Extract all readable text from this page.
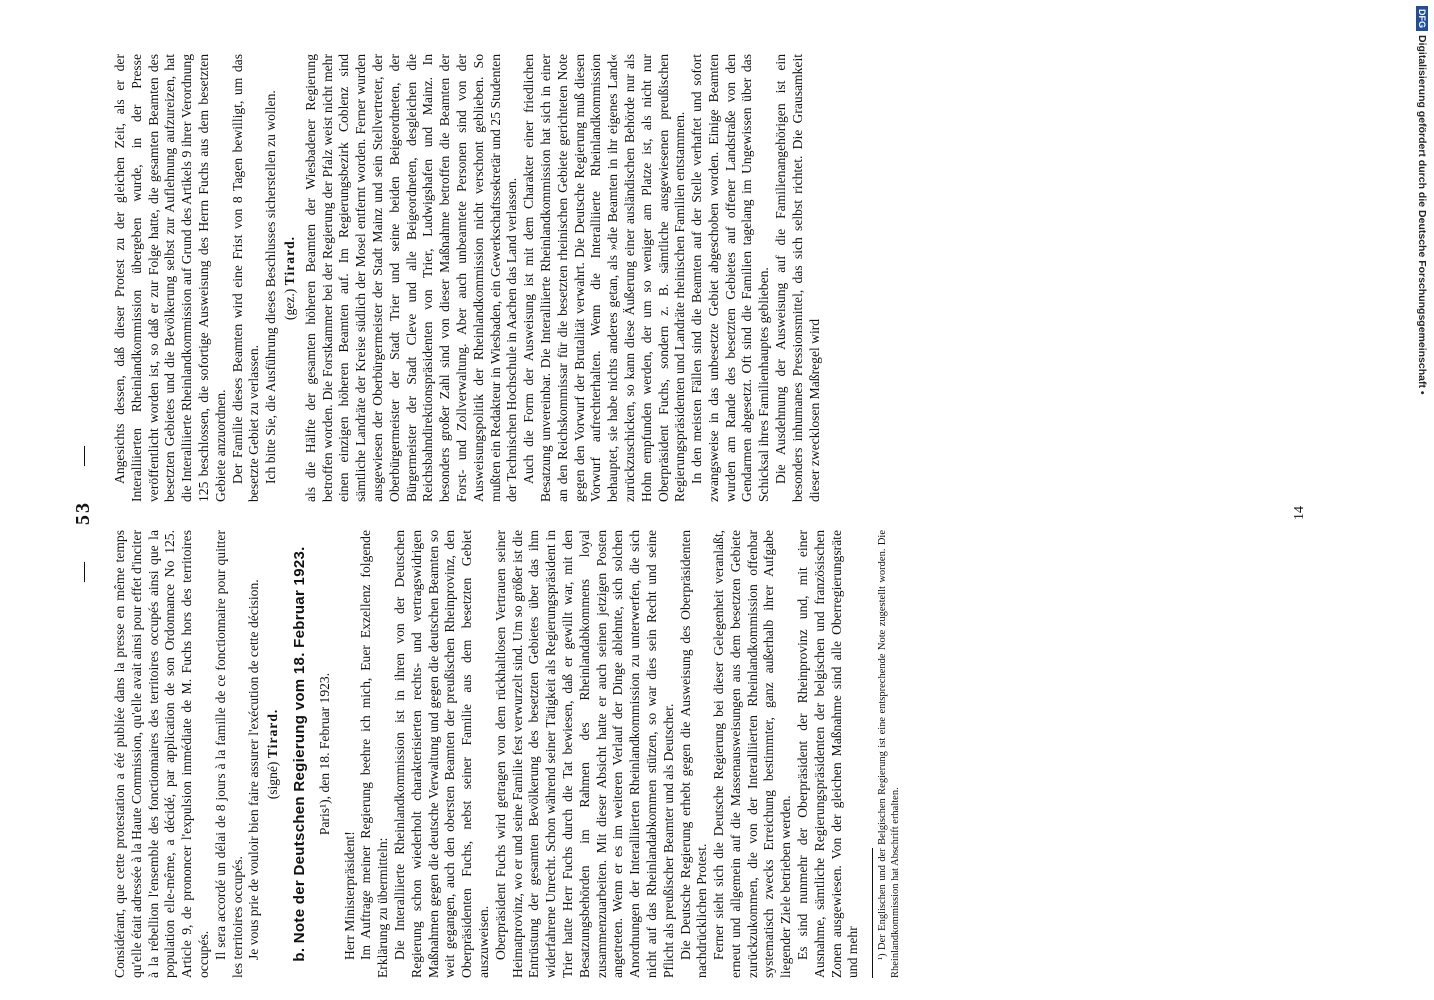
— 53 —

Considérant, que cette protestation a été publiée dans la presse en même temps qu'elle était adressée à la Haute Commission, qu'elle avait ainsi pour effet d'inciter à la rébellion l'ensemble des fonctionnaires des territoires occupés ainsi que la population elle-même, a décidé, par application de son Ordonnance No 125. Article 9, de prononcer l'expulsion immédiate de M. Fuchs hors des territoires occupés. Il sera accordé un délai de 8 jours à la famille de ce fonctionnaire pour quitter les territoires occupés. Je vous prie de vouloir bien faire assurer l'exécution de cette décision. (signé) Tirard. b. Note der Deutschen Regierung vom 18. Februar 1923. Paris¹), den 18. Februar 1923.

Herr Ministerpräsident! Im Auftrage meiner Regierung beehre ich mich, Euer Exzellenz folgende Erklärung zu übermitteln: Die Interalliierte Rheinlandkommission ist in ihren von der Deutschen Regierung schon wiederholt charakterisierten rechts- und vertragswidrigen Maßnahmen gegen die deutsche Verwaltung und gegen die deutschen Beamten so weit gegangen, auch den obersten Beamten der preußischen Rheinprovinz, den Oberpräsidenten Fuchs, nebst seiner Familie aus dem besetzten Gebiet auszuweisen. Oberpräsident Fuchs wird getragen von dem rückhaltlosen Vertrauen seiner Heimatprovinz, wo er und seine Familie fest verwurzelt sind. Um so größer ist die Entrüstung der gesamten Bevölkerung des besetzten Gebietes über das ihm widerfahrene Unrecht. Schon während seiner Tätigkeit als Regierungspräsident in Trier hatte Herr Fuchs durch die Tat bewiesen, daß er gewillt war, mit den Besatzungsbehörden im Rahmen des Rheinlandabkommens loyal zusammenzuarbeiten. Mit dieser Absicht hatte er auch seinen jetzigen Posten angetreten. Wenn er es im weiteren Verlauf der Dinge ablehnte, sich solchen Anordnungen der Interalliierten Rheinlandkommission zu unterwerfen, die sich nicht auf das Rheinlandabkommen stützen, so war dies sein Recht und seine Pflicht als preußischer Beamter und als Deutscher. Die Deutsche Regierung erhebt gegen die Ausweisung des Oberpräsidenten nachdrücklichen Protest. Ferner sieht sich die Deutsche Regierung bei dieser Gelegenheit veranlaßt, erneut und allgemein auf die Massenausweisungen aus dem besetzten Gebiete zurückzukommen, die von der Interalliierten Rheinlandkommission offenbar systematisch zwecks Erreichung bestimmter, ganz außerhalb ihrer Aufgabe liegender Ziele betrieben werden. Es sind nunmehr der Oberpräsident der Rheinprovinz und, mit einer Ausnahme, sämtliche Regierungspräsidenten der belgischen und französischen Zonen ausgewiesen. Von der gleichen Maßnahme sind alle Oberregierungsräte und mehr ¹) Der Englischen und der Belgischen Regierung ist eine entsprechende Note zugestellt worden. Die Rheinlandkommission hat Abschrift erhalten.

Angesichts dessen, daß dieser Protest zu der gleichen Zeit, als er der Interalliierten Rheinlandkommission übergeben wurde, in der Presse veröffentlicht worden ist, so daß er zur Folge hatte, die gesamten Beamten des besetzten Gebietes und die Bevölkerung selbst zur Auflehnung aufzureizen, hat die Interalliierte Rheinlandkommission auf Grund des Artikels 9 ihrer Verordnung 125 beschlossen, die sofortige Ausweisung des Herrn Fuchs aus dem besetzten Gebiete anzuordnen. Der Familie dieses Beamten wird eine Frist von 8 Tagen bewilligt, um das besetzte Gebiet zu verlassen. Ich bitte Sie, die Ausführung dieses Beschlusses sicherstellen zu wollen. (gez.) Tirard. als die Hälfte der gesamten höheren Beamten der Wiesbadener Regierung betroffen worden. Die Forstkammer bei der Regierung der Pfalz weist nicht mehr einen einzigen höheren Beamten auf. Im Regierungsbezirk Coblenz sind sämtliche Landräte der Kreise südlich der Mosel entfernt worden. Ferner wurden ausgewiesen der Oberbürgermeister der Stadt Mainz und sein Stellvertreter, der Oberbürgermeister der Stadt Trier und seine beiden Beigeordneten, der Bürgermeister der Stadt Cleve und alle Beigeordneten, desgleichen die Reichsbahndirektionspräsidenten von Trier, Ludwigshafen und Mainz. In besonders großer Zahl sind von dieser Maßnahme betroffen die Beamten der Forst- und Zollverwaltung. Aber auch unbeamtete Personen sind von der Ausweisungspolitik der Rheinlandkommission nicht verschont geblieben. So mußten ein Redakteur in Wiesbaden, ein Gewerkschaftssekretär und 25 Studenten der Technischen Hochschule in Aachen das Land verlassen. Auch die Form der Ausweisung ist mit dem Charakter einer friedlichen Besatzung unvereinbar. Die Interalliierte Rheinlandkommission hat sich in einer an den Reichskommissar für die besetzten rheinischen Gebiete gerichteten Note gegen den Vorwurf der Brutalität verwahrt. Die Deutsche Regierung muß diesen Vorwurf aufrechterhalten. Wenn die Interalliierte Rheinlandkommission behauptet, sie habe nichts anderes getan, als »die Beamten in ihr eigenes Land« zurückzuschicken, so kann diese Äußerung einer ausländischen Behörde nur als Hohn empfunden werden, der um so weniger am Platze ist, als nicht nur Oberpräsident Fuchs, sondern z. B. sämtliche ausgewiesenen preußischen Regierungspräsidenten und Landräte rheinischen Familien entstammen. In den meisten Fällen sind die Beamten auf der Stelle verhaftet und sofort zwangsweise in das unbesetzte Gebiet abgeschoben worden. Einige Beamten wurden am Rande des besetzten Gebietes auf offener Landstraße von den Gendarmen abgesetzt. Oft sind die Familien tagelang im Ungewissen über das Schicksal ihres Familienhauptes geblieben. Die Ausdehnung der Ausweisung auf die Familienangehörigen ist ein besonders inhumanes Pressionsmittel, das sich selbst richtet. Die Grausamkeit dieser zwecklosen Maßregel wird

14
DFG
Digitalisierung gefördert durch die Deutsche Forschungsgemeinschaft •
